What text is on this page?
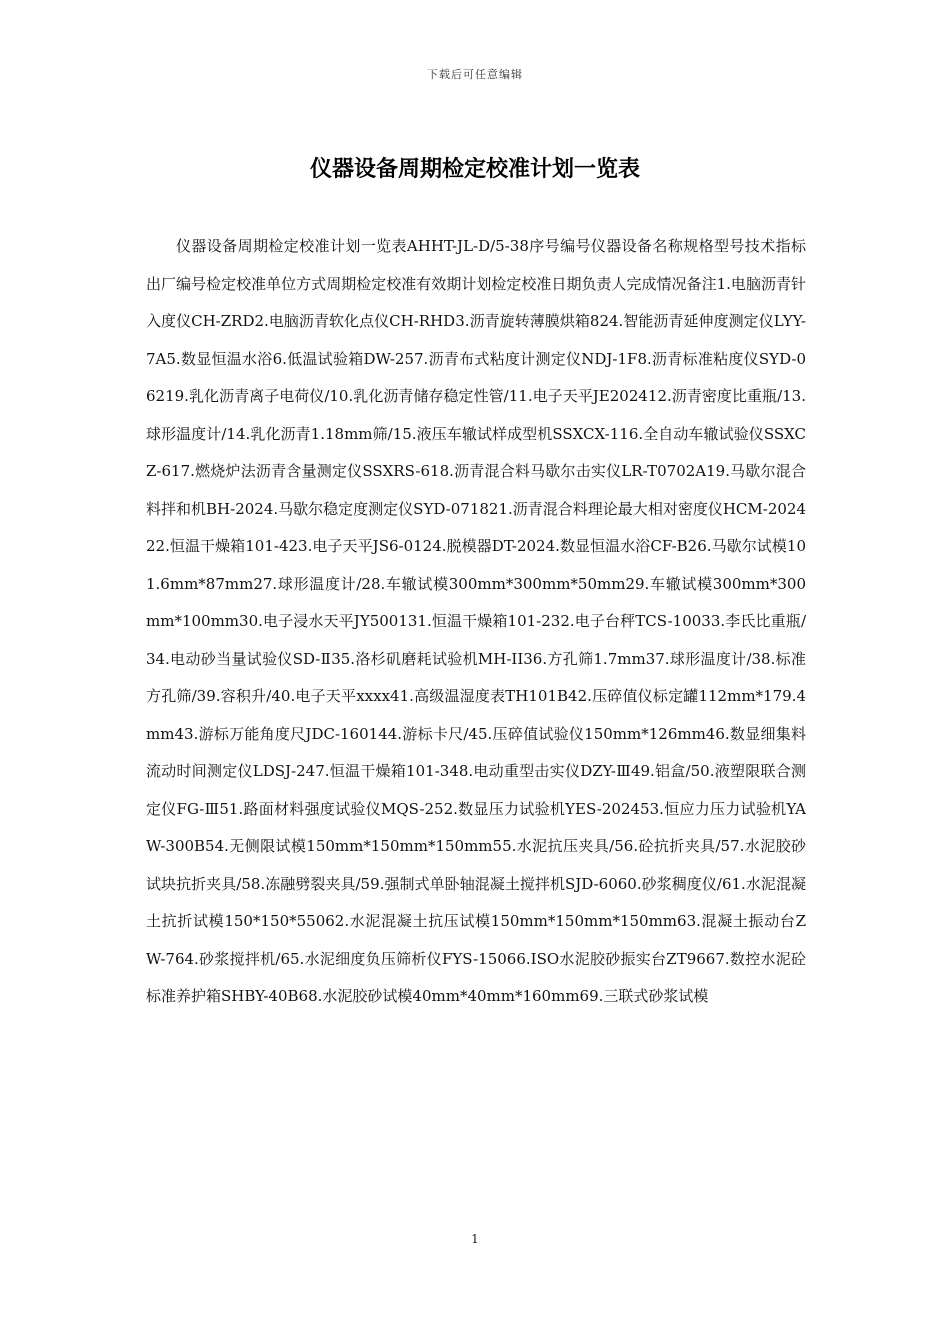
下载后可任意编辑
仪器设备周期检定校准计划一览表

仪器设备周期检定校准计划一览表AHHT-JL-D/5-38序号编号仪器设备名称规格型号技术指标出厂编号检定校准单位方式周期检定校准有效期计划检定校准日期负责人完成情况备注1.电脑沥青针入度仪CH-ZRD2.电脑沥青软化点仪CH-RHD3.沥青旋转薄膜烘箱824.智能沥青延伸度测定仪LYY-7A5.数显恒温水浴6.低温试验箱DW-257.沥青布式粘度计测定仪NDJ-1F8.沥青标准粘度仪SYD-06219.乳化沥青离子电荷仪/10.乳化沥青储存稳定性管/11.电子天平JE202412.沥青密度比重瓶/13.球形温度计/14.乳化沥青1.18mm筛/15.液压车辙试样成型机SSXCX-116.全自动车辙试验仪SSXCZ-617.燃烧炉法沥青含量测定仪SSXRS-618.沥青混合料马歇尔击实仪LR-T0702A19.马歇尔混合料拌和机BH-2024.马歇尔稳定度测定仪SYD-071821.沥青混合料理论最大相对密度仪HCM-202422.恒温干燥箱101-423.电子天平JS6-0124.脱模器DT-2024.数显恒温水浴CF-B26.马歇尔试模101.6mm*87mm27.球形温度计/28.车辙试模300mm*300mm*50mm29.车辙试模300mm*300mm*100mm30.电子浸水天平JY500131.恒温干燥箱101-232.电子台秤TCS-10033.李氏比重瓶/34.电动砂当量试验仪SD-Ⅱ35.洛杉矶磨耗试验机MH-II36.方孔筛1.7mm37.球形温度计/38.标准方孔筛/39.容积升/40.电子天平xxxx41.高级温湿度表TH101B42.压碎值仪标定罐112mm*179.4mm43.游标万能角度尺JDC-160144.游标卡尺/45.压碎值试验仪150mm*126mm46.数显细集料流动时间测定仪LDSJ-247.恒温干燥箱101-348.电动重型击实仪DZY-Ⅲ49.铝盒/50.液塑限联合测定仪FG-Ⅲ51.路面材料强度试验仪MQS-252.数显压力试验机YES-202453.恒应力压力试验机YAW-300B54.无侧限试模150mm*150mm*150mm55.水泥抗压夹具/56.砼抗折夹具/57.水泥胶砂试块抗折夹具/58.冻融劈裂夹具/59.强制式单卧轴混凝土搅拌机SJD-6060.砂浆稠度仪/61.水泥混凝土抗折试模150*150*55062.水泥混凝土抗压试模150mm*150mm*150mm63.混凝土振动台ZW-764.砂浆搅拌机/65.水泥细度负压筛析仪FYS-15066.ISO水泥胶砂振实台ZT9667.数控水泥砼标准养护箱SHBY-40B68.水泥胶砂试模40mm*40mm*160mm69.三联式砂浆试模

1
